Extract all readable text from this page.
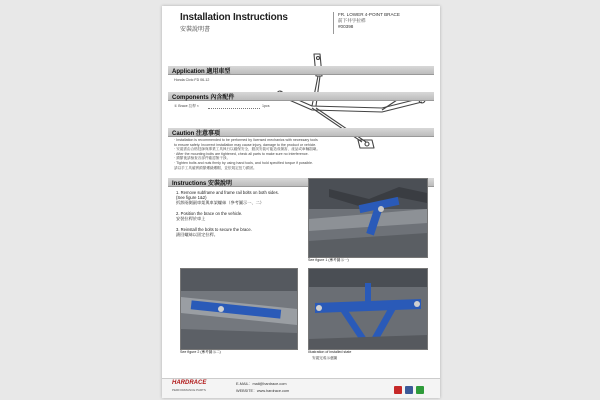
Installation Instructions
安裝說明書
FR. LOWER 4-POINT BRACE
前下井字拉桿
#00398
Application 適用車型
Honda Civic FD 06-12
Components 內含配件
① Brace 拉桿 ×	1pcs
Caution 注意事項
· Installation is recommended to be performed by licensed mechanics with necessary tools
to ensure safety. Incorrect installation may cause injury, damage to the product or vehicle.
· 安裝需由合格技師與專業工具執行以確保安全，錯誤安裝可能造成傷害、產品或車輛損壞。
· After the mounting bolts are tightened, check all parts to make sure no interference.
· 鎖緊後請檢查各部件確認無干涉。
· Tighten bolts and nuts firmly by using hand tools, and hold specified torque if possible.
請以手工具確實鎖緊螺絲螺帽，並依規定扭力鎖固。
Instructions 安裝說明
1. Remove subframe and frame rail bolts on both sides.
(See figure 1&2)
拆卸兩側副車架與車架螺絲（參考圖示一、二）
2. Position the brace on the vehicle.
安裝拉桿於車上
3. Reinstall the bolts to secure the brace.
鎖回螺絲以固定拉桿。
See figure 1 (參考圖示一)
See figure 2 (參考圖示二)	Illustration of installed state
安裝完成示意圖
HARDRACE
PERFORMANCE PARTS
E-MAIL：mail@hardrace.com
WEBSITE：www.hardrace.com
